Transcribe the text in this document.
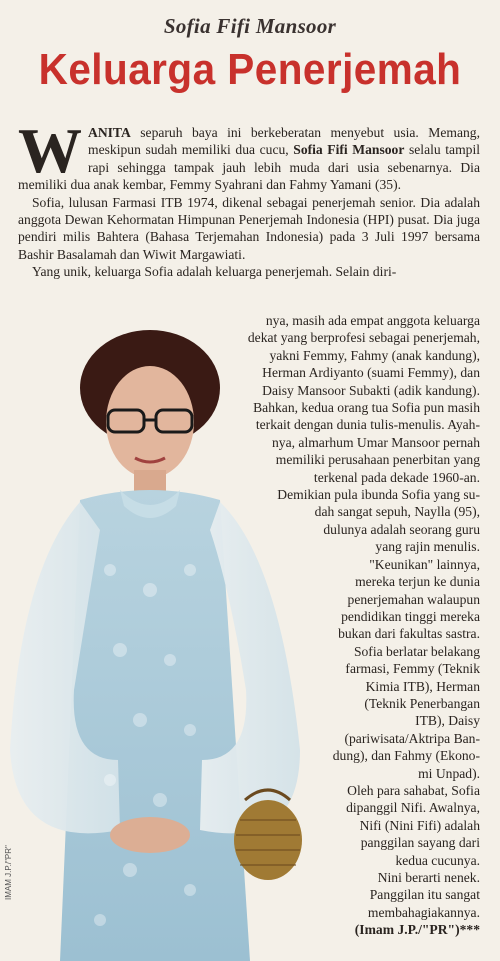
Sofia Fifi Mansoor
Keluarga Penerjemah

WANITA separuh baya ini berkeberatan menyebut usia. Memang, meskipun sudah memiliki dua cucu, Sofia Fifi Mansoor selalu tampil rapi sehingga tampak jauh lebih muda dari usia sebenarnya. Dia memiliki dua anak kembar, Femmy Syahrani dan Fahmy Yamani (35).

Sofia, lulusan Farmasi ITB 1974, dikenal sebagai penerjemah senior. Dia adalah anggota Dewan Kehormatan Himpunan Penerjemah Indonesia (HPI) pusat. Dia juga pendiri milis Bahtera (Bahasa Terjemahan Indonesia) pada 3 Juli 1997 bersama Bashir Basalamah dan Wiwit Margawiati.

Yang unik, keluarga Sofia adalah keluarga penerjemah. Selain diri-

IMAM J.P./"PR"
nya, masih ada empat anggota keluarga
dekat yang berprofesi sebagai penerjemah,
yakni Femmy, Fahmy (anak kandung),
Herman Ardiyanto (suami Femmy), dan
Daisy Mansoor Subakti (adik kandung).
Bahkan, kedua orang tua Sofia pun masih
terkait dengan dunia tulis-menulis. Ayah-
nya, almarhum Umar Mansoor pernah
memiliki perusahaan penerbitan yang
terkenal pada dekade 1960-an.
Demikian pula ibunda Sofia yang su-
dah sangat sepuh, Naylla (95),
dulunya adalah seorang guru
yang rajin menulis.
"Keunikan" lainnya,
mereka terjun ke dunia
penerjemahan walaupun
pendidikan tinggi mereka
bukan dari fakultas sastra.
Sofia berlatar belakang
farmasi, Femmy (Teknik
Kimia ITB), Herman
(Teknik Penerbangan
ITB), Daisy
(pariwisata/Aktripa Ban-
dung), dan Fahmy (Ekono-
mi Unpad).
Oleh para sahabat, Sofia
dipanggil Nifi. Awalnya,
Nifi (Nini Fifi) adalah
panggilan sayang dari
kedua cucunya.
Nini berarti nenek.
Panggilan itu sangat
membahagiakannya.
(Imam J.P./"PR")***
